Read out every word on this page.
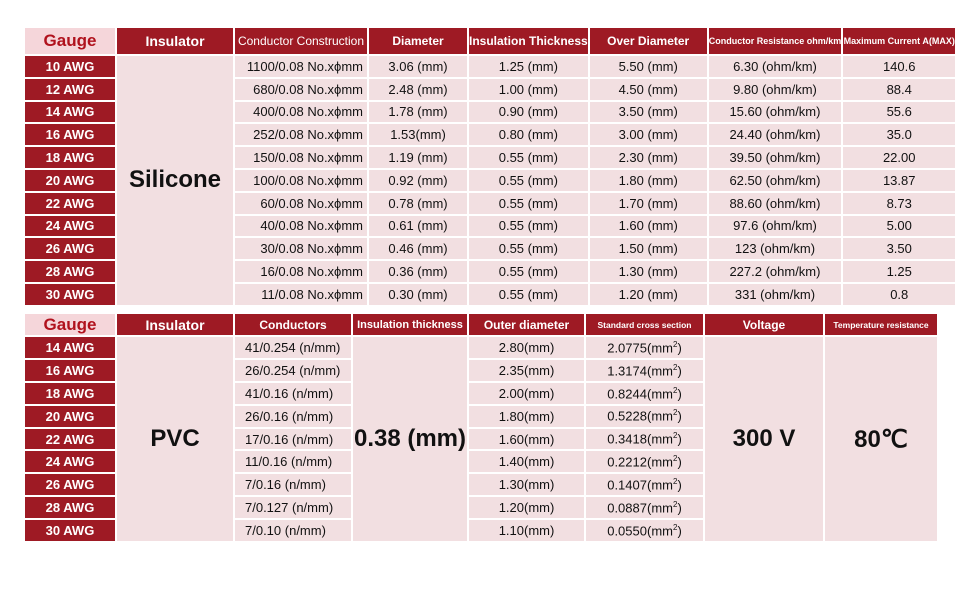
Gauge	Insulator	Conductor Construction	Diameter	Insulation Thickness	Over Diameter	Conductor Resistance ohm/km	Maximum Current A(MAX)
10 AWG	Silicone	1100/0.08 No.xϕmm	3.06 (mm)	1.25 (mm)	5.50 (mm)	6.30 (ohm/km)	140.6
12 AWG		680/0.08 No.xϕmm	2.48 (mm)	1.00 (mm)	4.50 (mm)	9.80 (ohm/km)	88.4
14 AWG		400/0.08 No.xϕmm	1.78 (mm)	0.90 (mm)	3.50 (mm)	15.60 (ohm/km)	55.6
16 AWG		252/0.08 No.xϕmm	1.53(mm)	0.80 (mm)	3.00 (mm)	24.40 (ohm/km)	35.0
18 AWG		150/0.08 No.xϕmm	1.19 (mm)	0.55 (mm)	2.30 (mm)	39.50 (ohm/km)	22.00
20 AWG		100/0.08 No.xϕmm	0.92 (mm)	0.55 (mm)	1.80 (mm)	62.50 (ohm/km)	13.87
22 AWG		60/0.08 No.xϕmm	0.78 (mm)	0.55 (mm)	1.70 (mm)	88.60 (ohm/km)	8.73
24 AWG		40/0.08 No.xϕmm	0.61 (mm)	0.55 (mm)	1.60 (mm)	97.6 (ohm/km)	5.00
26 AWG		30/0.08 No.xϕmm	0.46 (mm)	0.55 (mm)	1.50 (mm)	123 (ohm/km)	3.50
28 AWG		16/0.08 No.xϕmm	0.36 (mm)	0.55 (mm)	1.30 (mm)	227.2 (ohm/km)	1.25
30 AWG		11/0.08 No.xϕmm	0.30 (mm)	0.55 (mm)	1.20 (mm)	331 (ohm/km)	0.8
Gauge	Insulator	Conductors	Insulation thickness	Outer diameter	Standard cross section	Voltage	Temperature resistance
14 AWG	PVC	41/0.254 (n/mm)	0.38 (mm)	2.80(mm)	$2.0775(mm^2)$	300 V	80℃
16 AWG		26/0.254 (n/mm)		2.35(mm)	$1.3174(mm^2)$		
18 AWG		41/0.16 (n/mm)		2.00(mm)	$0.8244(mm^2)$		
20 AWG		26/0.16 (n/mm)		1.80(mm)	$0.5228(mm^2)$		
22 AWG		17/0.16 (n/mm)		1.60(mm)	$0.3418(mm^2)$		
24 AWG		11/0.16 (n/mm)		1.40(mm)	$0.2212(mm^2)$		
26 AWG		7/0.16 (n/mm)		1.30(mm)	$0.1407(mm^2)$		
28 AWG		7/0.127 (n/mm)		1.20(mm)	$0.0887(mm^2)$		
30 AWG		7/0.10 (n/mm)		1.10(mm)	$0.0550(mm^2)$		
